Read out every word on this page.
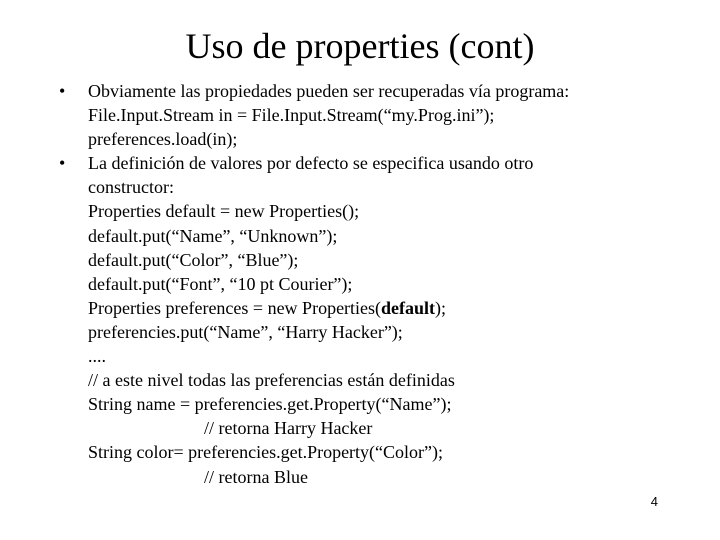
Uso de properties (cont)
• Obviamente las propiedades pueden ser recuperadas vía programa:
File.Input.Stream in = File.Input.Stream(“my.Prog.ini”);
preferences.load(in);
• La definición de valores por defecto se especifica usando otro
constructor:
Properties default = new Properties();
default.put(“Name”, “Unknown”);
default.put(“Color”, “Blue”);
default.put(“Font”, “10 pt Courier”);
Properties preferences = new Properties(default);
preferencies.put(“Name”, “Harry Hacker”);
....
// a este nivel todas las preferencias están definidas
String name = preferencies.get.Property(“Name”);
// retorna Harry Hacker
String color= preferencies.get.Property(“Color”);
// retorna Blue
4
